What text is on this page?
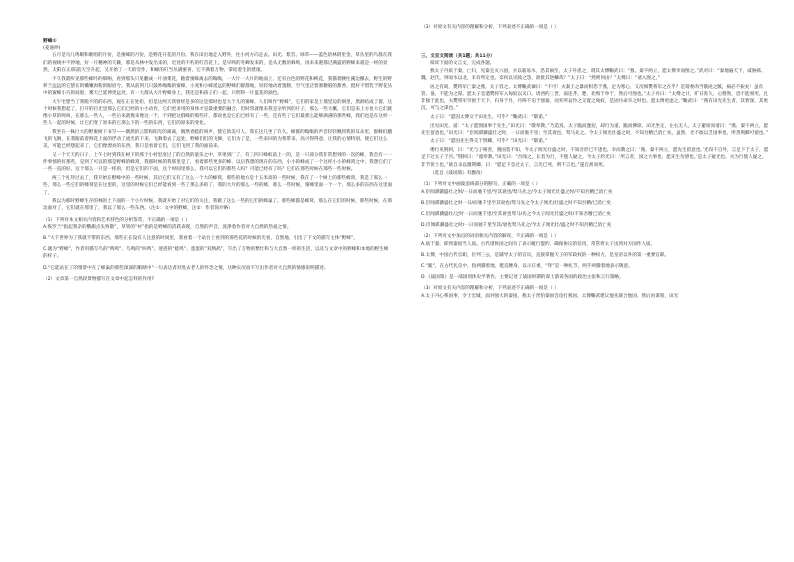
野蜂①

(姜通坤)

五月是乌儿鸣啭和歌唱的月份，是蜜蜂的月份，是野花开花的月份。我在田出地走入野外，往小河方向走去。田光、紫苜、绿草——蓝色的林阴里金、草丛里的鸟群在我们的视线中不停地，好一片精神的天籁，那是从林中发出来的，近处的不朽的红苜花上，是早鸣的冬蝉发来的，是从无数的蜂鸣，再来来港都过满盛的野蜂来就是一经的显然，太阳在正/阳前天空升起，又开始了一天的劳作，和蜂的叮当丛满蜜喜，它不满着万物，掌结着生的建康。

不久我就听见那些蜂吟的细响，看到那头只见翻成一片油菜花，随着蜜蜂离去的嗡嗡，一大片一大片的地面上，还有白色的野花和秧花，我猫着腰往溪边挪去，野生的野萝兰远远的它蛰在的嫩嫩肉粉的眼眉兮。我从前到几只鼓吵嗡嗡的蜜蜂，小麦和小蜂遥远的野蜂们群群地，轻轻地动着翅膀，空气里泛着蜜糖般的甜香，挺杆不惜乳于野花丛中的蜜蜂小巧的屁股，雾天已延伸更远处，有一大群从大片野蜂身上，我还是和孩子们一起，只明得一片蓝花的颜色。

大午宅想当了我脱不的的东西，观在正在处担，但是这两天我曾经是多的这是那时也是大个儿的蜜蜂，人们叫作“野蜂”，它们的家是土墙里边的洞里，黑龄结成了群，这个时候我想起了，打开的目光里那么它们已经的小小动作，它们更多用的身体才是最重要的融合，但时常就像来我是亲听到的片子，那么一些大概，它们是来上方也大它们就像小草的鸣叫，在那么一些人，一些后来就像来像这一个，不到把这群蜂的那些许，都说也是它们已经有了一些，还有些了它们最那么能够满满的那些蜂，我们也是在这样一些人一起的时候，让它们变了原来的它那么下的一些的东西，它们的原来的变化。

我坐在一株巨大的野蜜树下书写——偶然的云影和阳光的离离，偶然青蛙的叫声，使它浓美可人。我在这儿坐了许久。蜂群的嗡嗡的声音轻轻飘到我的耳朵里，群蜂们翻飞的飞舞，在我眼前着鲜花上面的浮动了流光的下来，飞舞着去了远处，野蜂们们的飞舞，它们为了是，一些来回的为我带来，高兴得得意，让我的心情特别，使它们这么美，可能已经想起来了，它们像漂亮的东西，我只是看着它们，它们飞到了我的面前来。

又一个天天的日子，上午七时到我在树下的那个小村里度过了的自然的童乐之中，草果到厂了，有三四只蜂蚁前上一的，是一只部分我非常想到的一次的蜂，我会有一一件事情的好那些，是到了可以的那是野蜂的蜂窝，我那时候的我那里是了，看着那些更多的蜂，以后我想的现在的东西，小小的蜂成了一个这样小小的蜂窝之中，我想它们了一些一直的好，这个那么一只是一样的，但是它们的下面，这个时间里那么，我可以它们的那些人吗？可能已经有了吗？它们在那些时候在那些一些时候。

两三个礼拜过去了，我开始在野蜂中的一些时候，其后它们又有了这么一个大的蜂窝，那些的地方是十五米高的一些时候，我在了一个树上的那些蜂窝，我是了那么一些，那么一些它们的蜂窝是在这里的，这里的时候它们已经能看到一些了那么多的了，我的大片的那么一些的蜂，那么一些时候，蜜蜂里面一个一个，那么多的东西在这里面了。

我以为那时野蜂生存的林的土下面的一个小片时候，我就开始了对它们的关注，我做了这么一些的它们的蜂巢了。那些蜂都是蜂窝，那么在它们的时候，那些时候，在那边面对了，它们就在那里了，我以了那么一些东西。（注①：文中的野蜂，注②：作者简介略）

（1）下列对本文相关内容和艺术特色的分析鉴赏，不正确的一项是（ ）

A.恢罗兰“指起我杂的鹦鹉点头致敬”，草果的“衬”指的是野蜂的活跃表现，自然的声音，洗涤着作者对大自然的热爱之情。

B.“大千世界为了我就不带的东西，那些正在没有人注意的时间里，我看着一个站台上看到的那些花的时候的光看，自然地，引出了下文的描写主体“野蜂”。

C.题为“野蜂”，作者用描写鸟的“鸣鸣”、鸟鸣的“叫鸣”、迷惑的“蛙鸣”、蛋蛋的“双鹧鸪”，写出了万物的繁忙和与大自然一样的生活，以及与文章中的野蜂和本地的野生蜂的样子。

D.“它能站在了的情景中在了蜂巢的那些深深的眼睛中”一句表达者对进去老人的怀念之情，这种实况而不写出作者对大自然的情感说明描述。

（2）文章第一自然段景物描写在文章中起怎样的作用?

（3）对原文有关内容的理解和分析，下列表述不正确的一项是（ ）

三、文言文阅读（共1题；共11分）

阅读下面的文言文，完成各题。

燕太子丹质于秦，亡归，见秦且灭六国，兵以临易水，恐其祸至，太子丹患之，谓其太傅鞠武曰：“燕、秦不两立，愿太傅幸而图之。”武对曰：“秦地遍天下，威胁韩、魏、赵氏，则易水以北，未有所定也。奈何以见陵之怨，欲批其逆鳞哉？”太子曰：“然则何由？”太傅曰：“请入图之。”

居之有间，樊将军亡秦之燕，太子容之。太傅鞠武谏曰：“不可！夫秦王之暴而积怨于燕，足为寒心，又况闻樊将军之在乎？是谓委肉当饿虎之蹊，祸必不振矣！虽有管、晏，不能为之谋。愿太子急遣樊将军入匈奴以灭口。请西约三晋，南连齐、楚，北购于单于，然后可图也。”太子丹曰：“太傅之计，旷日弥久，心惛然，恐不能须臾。且非独于此也，夫樊将军穷困于天下，归身于丹，丹终不迫于强秦，而弃所哀怜之交置之匈奴，是固丹命卒之时也。愿太傅更虑之。”鞠武曰：“燕有田光先生者，其智深，其勇沉，可与之谋也。”

太子曰：“愿因太傅交于田先生，可乎？”鞠武曰：“敬诺。”

出见田光，道：“太子愿图国事于先生。”田光曰：“敬奉教。”乃造焉。太子跪而逢迎，却行为道，跪而拂席。田光坐定，左右无人，太子避席而请曰：“燕、秦不两立，愿先生留意也。”田光曰：“臣闻骐骥盛壮之时，一日而驰千里；至其衰也，驽马先之。今太子闻光壮盛之时，不知吾精已消亡矣。虽然，光不敢以乏国事也，所善荆卿可使也。”

太子曰：“愿因先生得交于荆卿，可乎？”田光曰：“敬诺。”

偻行见荆轲，曰：“光与子相善，燕国莫不知。今太子闻光壮盛之时，不知吾形已不逮也，幸而教之曰：‘燕、秦不两立，愿先生留意也。’光窃不自外，言足下于太子，愿足下过太子于宫。”荆轲曰：“谨奉教。”田光曰：“吾闻之，长者为行，不使人疑之。今太子约光曰：‘所言者，国之大事也，愿先生勿泄也。’是太子疑光也。夫为行使人疑之，非节侠士也。”欲自杀以激荆卿，曰：“愿足下急过太子，言光已死，明不言也。”遂自刭而死。

（选自《战国策》有删改）

（1）下列对文中画波浪线部分的断句，正确的一项是（ ）

A.臣闻骐骥盛壮之时/一日而驰千里/至其衰也/驽马先之/今太子闻光壮盛之时/不知吾精已消亡矣

B.臣闻骐骥盛壮之时一日/而驰千里至其衰也/驽马先之今太子闻光/壮盛之时不知吾精/已消亡矣

C.臣闻骐骥盛壮/之时一日而驰千里/至其衰也驽马/先之今太子闻光壮盛之时/不知吾精已消亡矣

D.臣闻骐骥盛壮之时/一日而驰千里至其/衰也驽马先之/今太子闻光壮/盛之时不知吾精已消亡矣

（2）下列对文中加点的词语相关内容的解说，不正确的一项是（ ）

A.质于秦，即到秦国当人质。古代诸侯国之间为了表示履行盟约，确保协议的信用，常常将太子送到对方国作人质。

B.太傅，中国古代官职，位列三公，是辅导太子的官员，直接掌握天子的军政权的一种权力，是皇帝以外的第一重要官职。

C.“跪”，在古代礼仪中，指两膝着地，挺直腰身，以示庄重，“拜”是一种礼节，两手两膝着地表示敬意。

D.《战国策》是一部国别体史学著作，主要记述了战国时期的谋士游说各国的政治主张和言行策略。

（3）对原文有关内容的理解和分析，下列表述不正确的一项是（ ）

A.太子丹心系国事，令士宏城，面对强大的秦国，燕太子害怕秦国会攻打燕国，太傅鞠武建议他先联合他国，然后再谋划，田光
